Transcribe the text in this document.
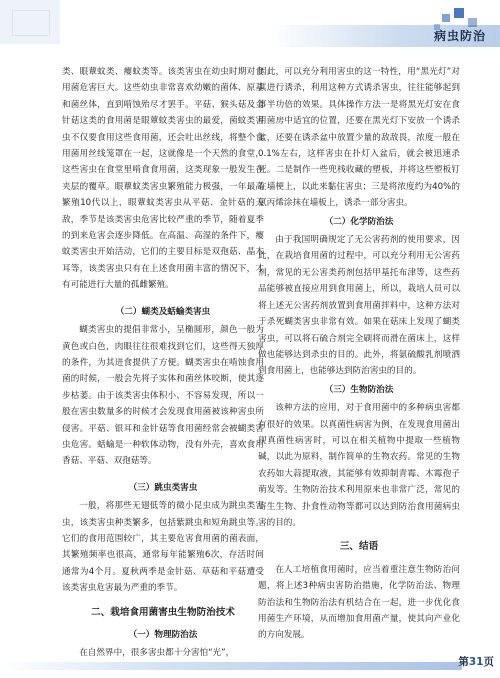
病虫防治

类、眼蕈蚊类、瘿蚊类等。该类害虫在幼虫时期对食用菌危害巨大。这些幼虫非常喜欢幼嫩的菌体、原基和菌丝体，直到啃蚀殆尽才罢手。平菇、猴头菇及金针菇这类的食用菌是眼蕈蚊类害虫的最爱，菌蚊类害虫不仅要食用这些食用菌，还会吐出丝线，将整个食用菌用丝线笼罩在一起，这就像是一个天然的食堂，这些害虫在食堂里啃食食用菌，这类现象一般发生在夹层的覆草。眼蕈蚊类害虫繁殖能力极强，一年最高繁殖10代以上，眼蕈蚊类害虫从平菇、金针菇的天敌，季节是该类害虫危害比较严重的季节，随着夏季的到来危害会逐步降低。在高温、高湿的条件下，瘿蚊类害虫开始活动，它们的主要目标是双孢菇、晶木耳等，该类害虫只有在上述食用菌丰富的情况下，才有可能进行大量的孤雌繁殖。

（二）蝴类及蛞蝓类害虫

蝴类害虫的提倡非常小，呈椭圆形，颜色一般为黄色或白色，肉眼往往很难找到它们，这些得天独厚的条件，为其迸食提供了方便。蝴类害虫在啃蚀食用菌的时候，一般会先将子实体和菌丝体咬断，使其逐步枯萎。由于该类害虫体积小、不容易发现，所以一般在害虫数量多的时候才会发现食用菌被该种害虫所侵害。平菇、银耳和金针菇等食用菌经常会被蝴类害虫危害。蛞蝓是一种软体动物，没有外壳，喜欢食用香菇、平菇、双孢菇等。

（三）跳虫类害虫

一般，将那些无翅低等的微小昆虫成为跳虫类害虫，该类害虫种类繁多，包括紫跳虫和短角跳虫等。它们的食用范围较广，其主要危害食用菌的菌表面，其繁殖频率也很高，通常每年能繁殖6次，存活时间通常为4个月。夏秋两季是金针菇、草菇和平菇遭受该类害虫危害最为严重的季节。

二、栽培食用菌害虫生物防治技术
（一）物理防治法

在自然界中，很多害虫都十分害怕“光”，

因此，可以充分利用害虫的这一特性，用“黑光灯”对其进行诱杀，利用这种方式诱杀害虫，往往能够起到事半功倍的效果。具体操作方法一是将黑光灯安在食用菌房中适宜的位置，还要在黑光灯下安放一个诱杀盆，还要在诱杀盆中放置少量的敌敌畏，浓度一般在0.1%左右，这样害虫在扑灯入盆后，就会被迅速杀死。二是制作一些兜栈收藏的塑板，并将这些塑板钉在墙梗上，以此来黏住害虫；三是将浓度约为40%的氯丙烯涂抹在墙板上，诱杀一部分害虫。

（二）化学防治法

由于我国明确规定了无公害药剂的使用要求，因此，在栽培食用菌的过程中，可以充分利用无公害药剂，常见的无公害类药剂包括甲基托布津等，这些药品能够被直接应用到食用菌上，所以，栽培人员可以将上述无公害药剂放置到食用菌拌料中，这种方法对于杀死蝴类害虫非常有效。如果在菇床上发现了蝴类害虫，可以将石硫合剂完全刷将而滑在菌床上，这样做也能够达到杀虫的目的。此外，将氨硫酸乳剂喷洒到食用菌上，也能够达到防治害虫的目的。

（三）生物防治法

该种方法的应用，对于食用菌中的多种病虫害都有很好的效果。以真菌性病害为例，在发现食用菌出现真菌性病害时，可以在相关植物中提取一些植物碱，以此为原料，制作简单的生物农药。常见的生物农药如大蒜提取液，其能够有效抑制青霉、木霉孢子萌发等。生物防治技术利用原来也非常广泛，常见的寄生生物、扑食性动物等都可以达到防治食用菌病虫害的目的。

三、结语

在人工培植食用菌时，应当着重注意生物防治问题，将上述3种病虫害防治措施，化学防治法、物理防治法和生物防治法有机结合在一起，进一步优化食用菌生产环境，从而增加食用菌产量，使其向产业化的方向发展。

第31页
